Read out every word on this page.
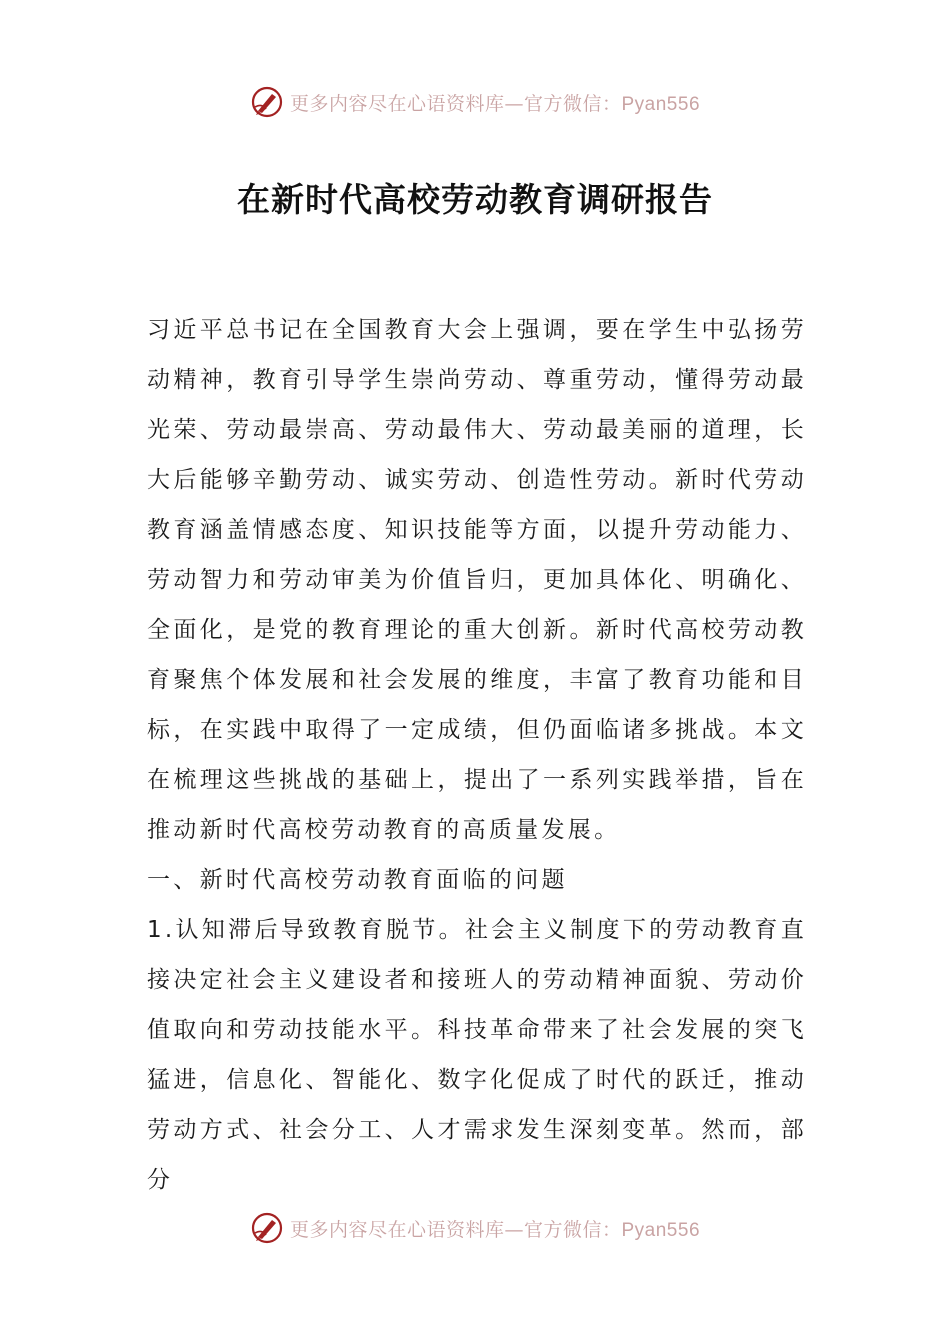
更多内容尽在心语资料库—官方微信：Pyan556
在新时代高校劳动教育调研报告

习近平总书记在全国教育大会上强调，要在学生中弘扬劳动精神，教育引导学生崇尚劳动、尊重劳动，懂得劳动最光荣、劳动最崇高、劳动最伟大、劳动最美丽的道理，长大后能够辛勤劳动、诚实劳动、创造性劳动。新时代劳动教育涵盖情感态度、知识技能等方面，以提升劳动能力、劳动智力和劳动审美为价值旨归，更加具体化、明确化、全面化，是党的教育理论的重大创新。新时代高校劳动教育聚焦个体发展和社会发展的维度，丰富了教育功能和目标，在实践中取得了一定成绩，但仍面临诸多挑战。本文在梳理这些挑战的基础上，提出了一系列实践举措，旨在推动新时代高校劳动教育的高质量发展。

一、新时代高校劳动教育面临的问题

1.认知滞后导致教育脱节。社会主义制度下的劳动教育直接决定社会主义建设者和接班人的劳动精神面貌、劳动价值取向和劳动技能水平。科技革命带来了社会发展的突飞猛进，信息化、智能化、数字化促成了时代的跃迁，推动劳动方式、社会分工、人才需求发生深刻变革。然而，部分

更多内容尽在心语资料库—官方微信：Pyan556
